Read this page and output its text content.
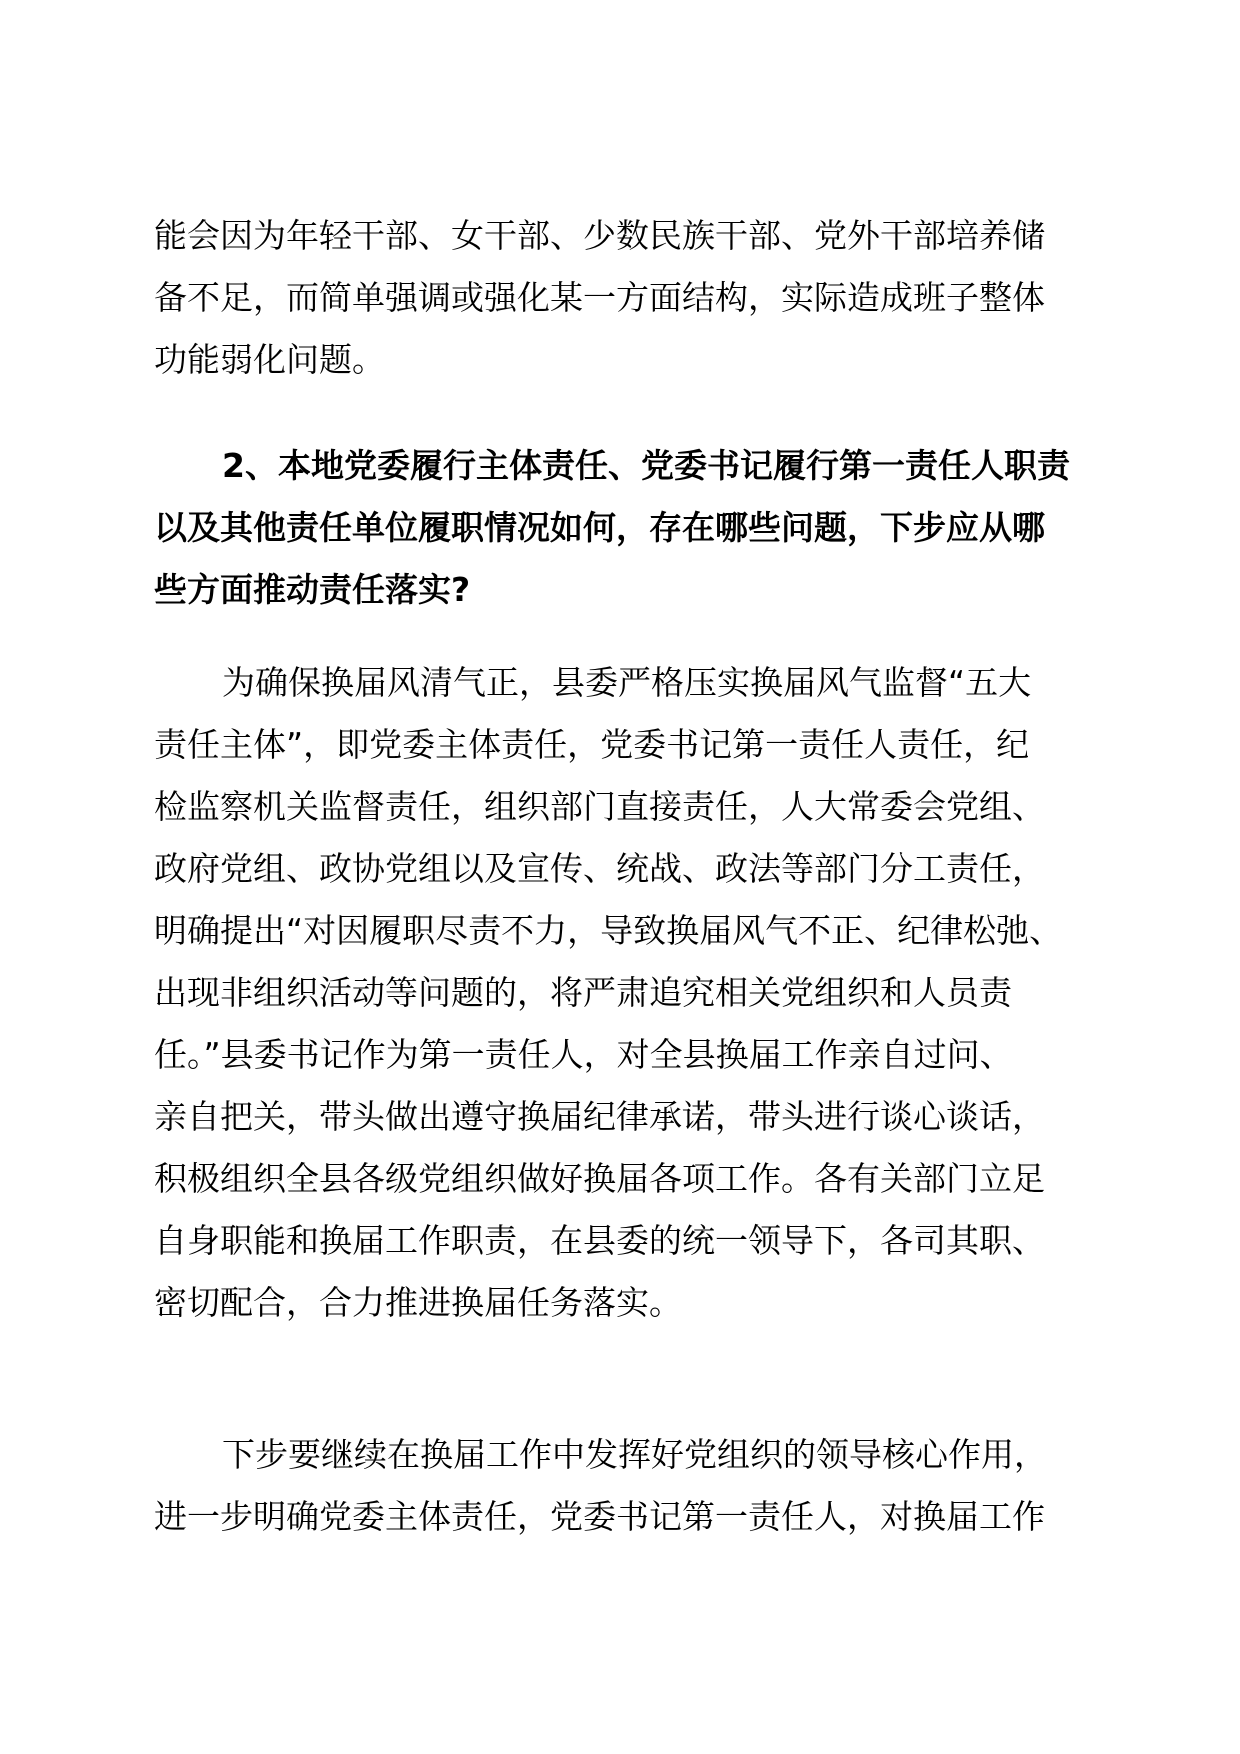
能会因为年轻干部、女干部、少数民族干部、党外干部培养储
备不足，而简单强调或强化某一方面结构，实际造成班子整体
功能弱化问题。
2、本地党委履行主体责任、党委书记履行第一责任人职责
以及其他责任单位履职情况如何，存在哪些问题，下步应从哪
些方面推动责任落实?
为确保换届风清气正，县委严格压实换届风气监督“五大
责任主体”，即党委主体责任，党委书记第一责任人责任，纪
检监察机关监督责任，组织部门直接责任，人大常委会党组、
政府党组、政协党组以及宣传、统战、政法等部门分工责任，
明确提出“对因履职尽责不力，导致换届风气不正、纪律松弛、
出现非组织活动等问题的，将严肃追究相关党组织和人员责
任。”县委书记作为第一责任人，对全县换届工作亲自过问、
亲自把关，带头做出遵守换届纪律承诺，带头进行谈心谈话，
积极组织全县各级党组织做好换届各项工作。各有关部门立足
自身职能和换届工作职责，在县委的统一领导下，各司其职、
密切配合，合力推进换届任务落实。
下步要继续在换届工作中发挥好党组织的领导核心作用，
进一步明确党委主体责任，党委书记第一责任人，对换届工作
